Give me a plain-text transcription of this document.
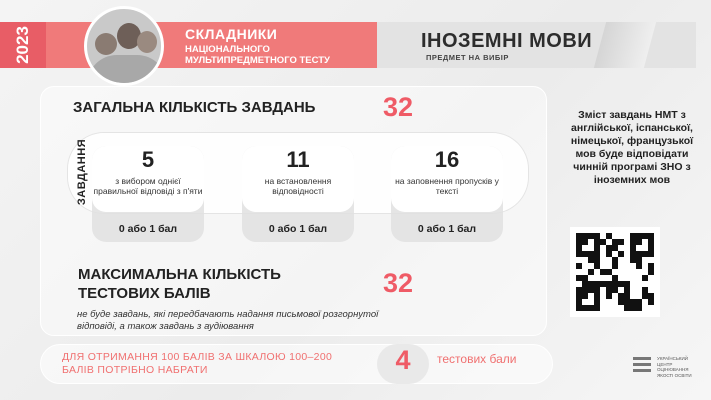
2023	СКЛАДНИКИ
НАЦІОНАЛЬНОГО МУЛЬТИПРЕДМЕТНОГО ТЕСТУ
ІНОЗЕМНІ МОВИ
ПРЕДМЕТ НА ВИБІР
ЗАГАЛЬНА КІЛЬКІСТЬ ЗАВДАНЬ	32
ЗАВДАННЯ	5
з вибором однієї правильної відповіді з п'яти
0 або 1 бал
11
на встановлення відповідності
0 або 1 бал
16
на заповнення пропусків у тексті
0 або 1 бал
МАКСИМАЛЬНА КІЛЬКІСТЬ ТЕСТОВИХ БАЛІВ	32
не буде завдань, які передбачають надання письмової розгорнутої відповіді, а також завдань з аудіювання
Зміст завдань НМТ з англійської, іспанської, німецької, французької мов буде відповідати чинній програмі ЗНО з іноземних мов
ДЛЯ ОТРИМАННЯ 100 БАЛІВ ЗА ШКАЛОЮ 100–200 БАЛІВ ПОТРІБНО НАБРАТИ	4	тестових бали	УКРАЇНСЬКИЙ ЦЕНТР ОЦІНЮВАННЯ ЯКОСТІ ОСВІТИ
